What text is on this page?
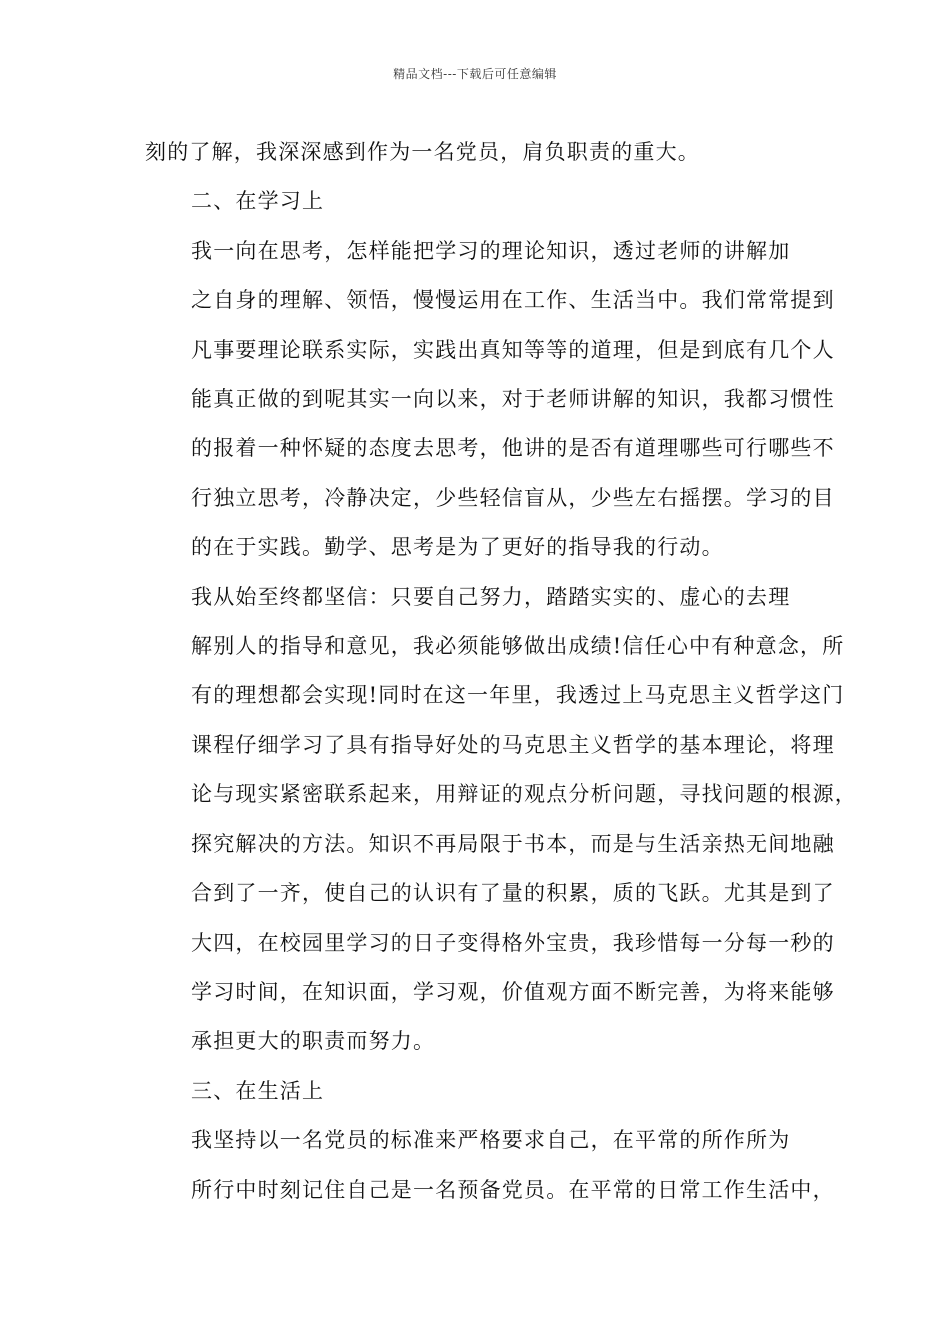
精品文档---下载后可任意编辑

刻的了解，我深深感到作为一名党员，肩负职责的重大。

二、在学习上

我一向在思考，怎样能把学习的理论知识，透过老师的讲解加
之自身的理解、领悟，慢慢运用在工作、生活当中。我们常常提到
凡事要理论联系实际，实践出真知等等的道理，但是到底有几个人
能真正做的到呢其实一向以来，对于老师讲解的知识，我都习惯性
的报着一种怀疑的态度去思考，他讲的是否有道理哪些可行哪些不
行独立思考，冷静决定，少些轻信盲从，少些左右摇摆。学习的目
的在于实践。勤学、思考是为了更好的指导我的行动。

我从始至终都坚信：只要自己努力，踏踏实实的、虚心的去理
解别人的指导和意见，我必须能够做出成绩!信任心中有种意念，所
有的理想都会实现!同时在这一年里，我透过上马克思主义哲学这门
课程仔细学习了具有指导好处的马克思主义哲学的基本理论，将理
论与现实紧密联系起来，用辩证的观点分析问题，寻找问题的根源，
探究解决的方法。知识不再局限于书本，而是与生活亲热无间地融
合到了一齐，使自己的认识有了量的积累，质的飞跃。尤其是到了
大四，在校园里学习的日子变得格外宝贵，我珍惜每一分每一秒的
学习时间，在知识面，学习观，价值观方面不断完善，为将来能够
承担更大的职责而努力。

三、在生活上

我坚持以一名党员的标准来严格要求自己，在平常的所作所为
所行中时刻记住自己是一名预备党员。在平常的日常工作生活中，
